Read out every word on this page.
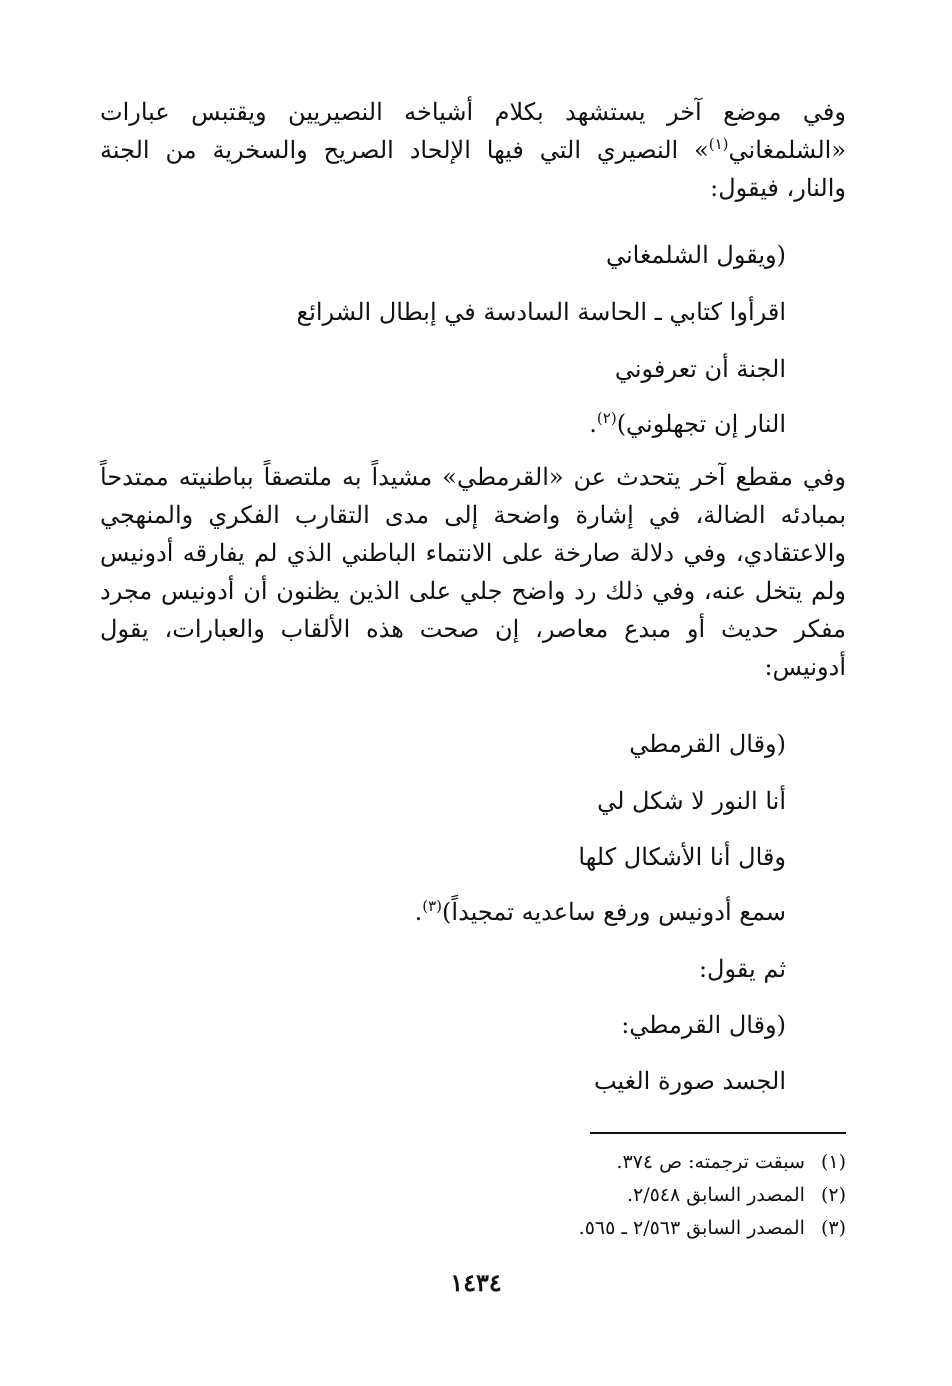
وفي موضع آخر يستشهد بكلام أشياخه النصيريين ويقتبس عبارات «الشلمغاني$^{(١)}$» النصيري التي فيها الإلحاد الصريح والسخرية من الجنة والنار، فيقول:

(ويقول الشلمغاني
اقرأوا كتابي ـ الحاسة السادسة في إبطال الشرائع
الجنة أن تعرفوني
النار إن تجهلوني)$^{(٢)}$.

وفي مقطع آخر يتحدث عن «القرمطي» مشيداً به ملتصقاً بباطنيته ممتدحاً بمبادئه الضالة، في إشارة واضحة إلى مدى التقارب الفكري والمنهجي والاعتقادي، وفي دلالة صارخة على الانتماء الباطني الذي لم يفارقه أدونيس ولم يتخل عنه، وفي ذلك رد واضح جلي على الذين يظنون أن أدونيس مجرد مفكر حديث أو مبدع معاصر، إن صحت هذه الألقاب والعبارات، يقول أدونيس:

(وقال القرمطي
أنا النور لا شكل لي
وقال أنا الأشكال كلها
سمع أدونيس ورفع ساعديه تمجيداً)$^{(٣)}$.
ثم يقول:
(وقال القرمطي:
الجسد صورة الغيب
(١)سبقت ترجمته: ص ٣٧٤.
(٢)المصدر السابق ٢/٥٤٨.
(٣)المصدر السابق ٢/٥٦٣ ـ ٥٦٥.
١٤٣٤
